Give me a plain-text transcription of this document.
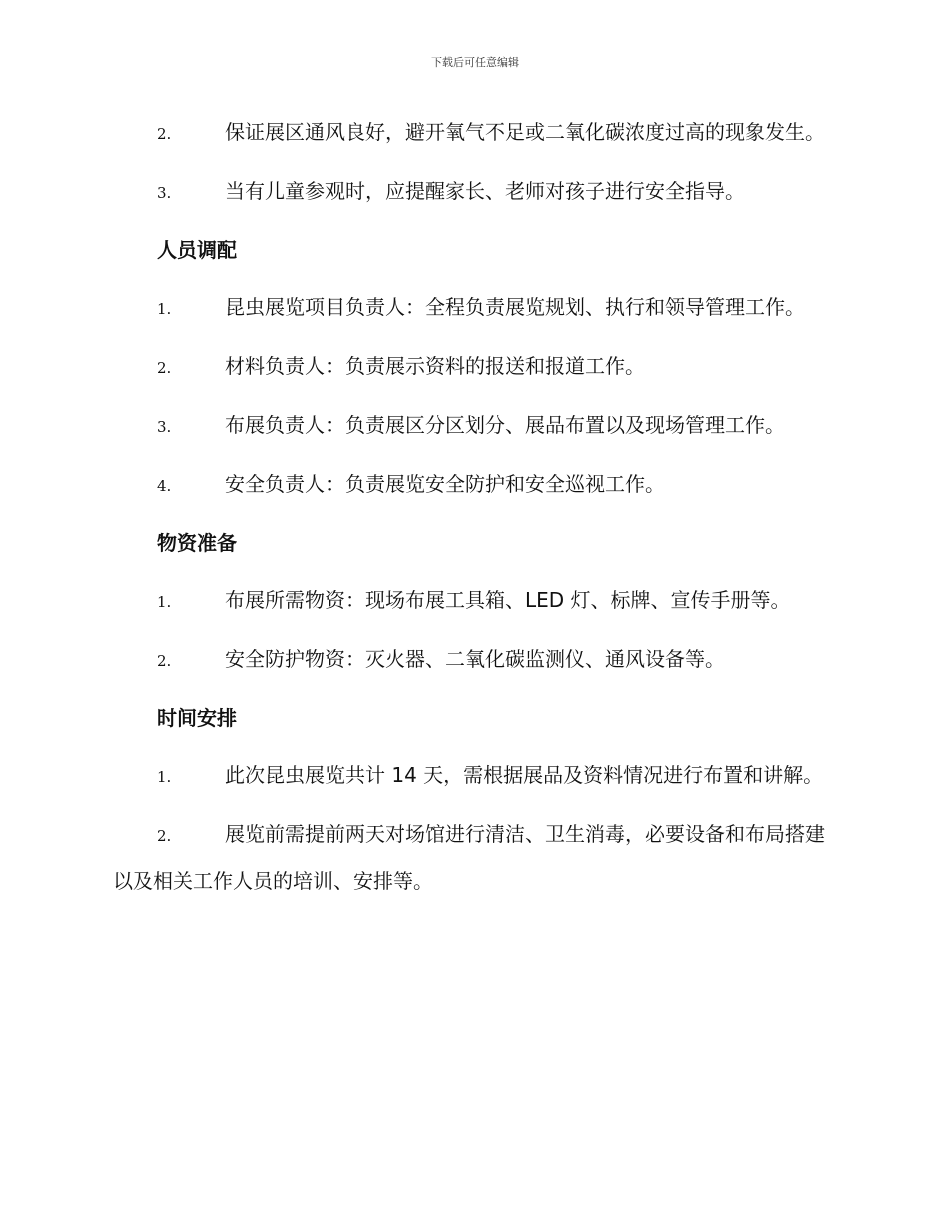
下载后可任意编辑

2.	保证展区通风良好，避开氧气不足或二氧化碳浓度过高的现象发生。

3.	当有儿童参观时，应提醒家长、老师对孩子进行安全指导。

人员调配

1.	昆虫展览项目负责人：全程负责展览规划、执行和领导管理工作。

2.	材料负责人：负责展示资料的报送和报道工作。

3.	布展负责人：负责展区分区划分、展品布置以及现场管理工作。

4.	安全负责人：负责展览安全防护和安全巡视工作。

物资准备

1.	布展所需物资：现场布展工具箱、LED 灯、标牌、宣传手册等。

2.	安全防护物资：灭火器、二氧化碳监测仪、通风设备等。

时间安排

1.	此次昆虫展览共计 14 天，需根据展品及资料情况进行布置和讲解。

2.	展览前需提前两天对场馆进行清洁、卫生消毒，必要设备和布局搭建以及相关工作人员的培训、安排等。
